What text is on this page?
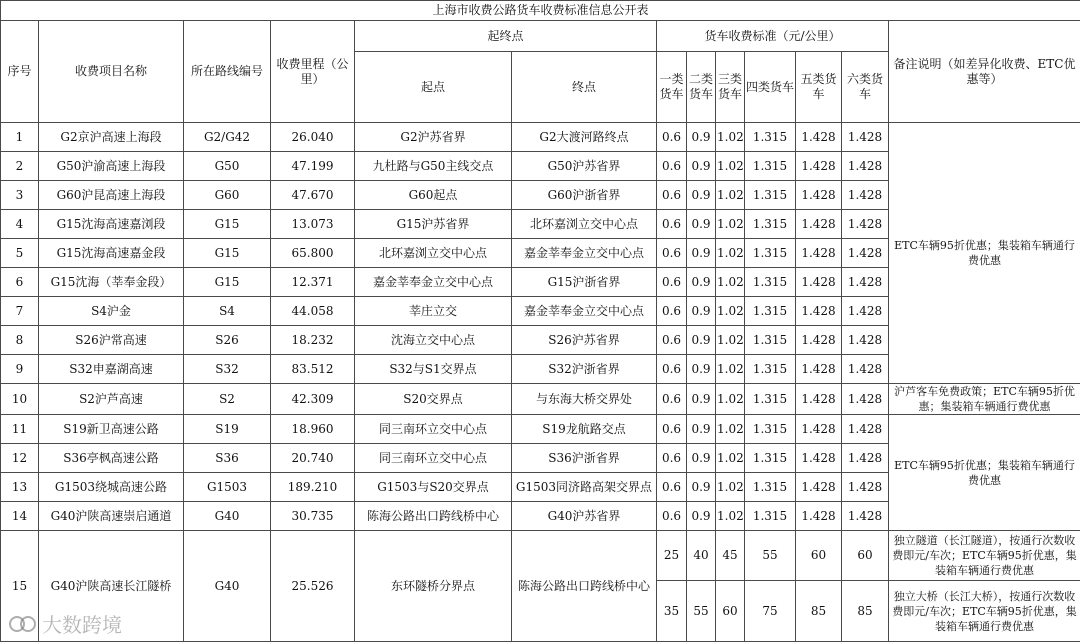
上海市收费公路货车收费标准信息公开表												
序号	收费项目名称	所在路线编号	收费里程（公里）	起终点		货车收费标准（元/公里）						备注说明（如差异化收费、ETC优惠等）
				起点	终点	一类货车	二类货车	三类货车	四类货车	五类货车	六类货车	
1	G2京沪高速上海段	G2/G42	26.040	G2沪苏省界	G2大渡河路终点	0.6	0.9	1.02	1.315	1.428	1.428	ETC车辆95折优惠；集装箱车辆通行费优惠
2	G50沪渝高速上海段	G50	47.199	九杜路与G50主线交点	G50沪苏省界	0.6	0.9	1.02	1.315	1.428	1.428	
3	G60沪昆高速上海段	G60	47.670	G60起点	G60沪浙省界	0.6	0.9	1.02	1.315	1.428	1.428	
4	G15沈海高速嘉浏段	G15	13.073	G15沪苏省界	北环嘉浏立交中心点	0.6	0.9	1.02	1.315	1.428	1.428	
5	G15沈海高速嘉金段	G15	65.800	北环嘉浏立交中心点	嘉金莘奉金立交中心点	0.6	0.9	1.02	1.315	1.428	1.428	
6	G15沈海（莘奉金段）	G15	12.371	嘉金莘奉金立交中心点	G15沪浙省界	0.6	0.9	1.02	1.315	1.428	1.428	
7	S4沪金	S4	44.058	莘庄立交	嘉金莘奉金立交中心点	0.6	0.9	1.02	1.315	1.428	1.428	
8	S26沪常高速	S26	18.232	沈海立交中心点	S26沪苏省界	0.6	0.9	1.02	1.315	1.428	1.428	
9	S32申嘉湖高速	S32	83.512	S32与S1交界点	S32沪浙省界	0.6	0.9	1.02	1.315	1.428	1.428	
10	S2沪芦高速	S2	42.309	S20交界点	与东海大桥交界处	0.6	0.9	1.02	1.315	1.428	1.428	沪芦客车免费政策；ETC车辆95折优惠；集装箱车辆通行费优惠
11	S19新卫高速公路	S19	18.960	同三南环立交中心点	S19龙航路交点	0.6	0.9	1.02	1.315	1.428	1.428	ETC车辆95折优惠；集装箱车辆通行费优惠
12	S36亭枫高速公路	S36	20.740	同三南环立交中心点	S36沪浙省界	0.6	0.9	1.02	1.315	1.428	1.428	
13	G1503绕城高速公路	G1503	189.210	G1503与S20交界点	G1503同济路高架交界点	0.6	0.9	1.02	1.315	1.428	1.428	
14	G40沪陕高速崇启通道	G40	30.735	陈海公路出口跨线桥中心	G40沪苏省界	0.6	0.9	1.02	1.315	1.428	1.428	
15	G40沪陕高速长江隧桥	G40	25.526	东环隧桥分界点	陈海公路出口跨线桥中心	25	40	45	55	60	60	独立隧道（长江隧道），按通行次数收费即元/车次；ETC车辆95折优惠，集装箱车辆通行费优惠
						35	55	60	75	85	85	独立大桥（长江大桥），按通行次数收费即元/车次；ETC车辆95折优惠，集装箱车辆通行费优惠
大数跨境
